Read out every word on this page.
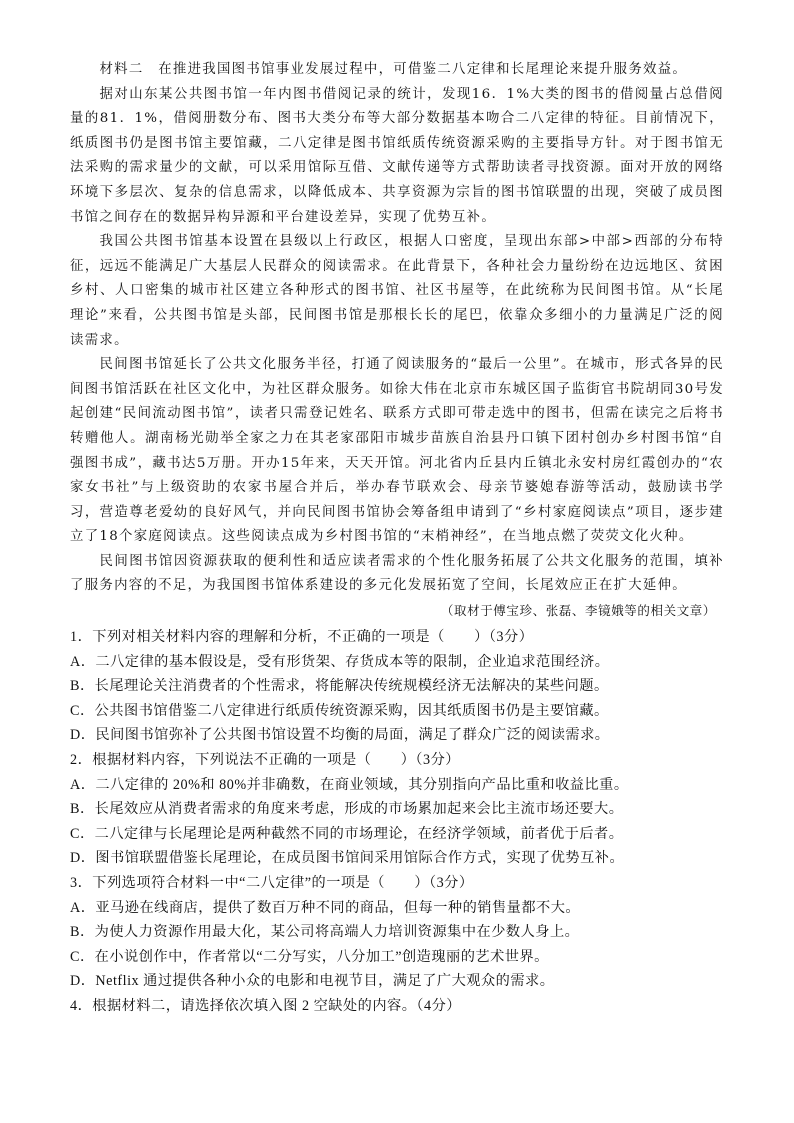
材料二　在推进我国图书馆事业发展过程中，可借鉴二八定律和长尾理论来提升服务效益。

据对山东某公共图书馆一年内图书借阅记录的统计，发现16．1%大类的图书的借阅量占总借阅量的81．1%，借阅册数分布、图书大类分布等大部分数据基本吻合二八定律的特征。目前情况下，纸质图书仍是图书馆主要馆藏，二八定律是图书馆纸质传统资源采购的主要指导方针。对于图书馆无法采购的需求量少的文献，可以采用馆际互借、文献传递等方式帮助读者寻找资源。面对开放的网络环境下多层次、复杂的信息需求，以降低成本、共享资源为宗旨的图书馆联盟的出现，突破了成员图书馆之间存在的数据异构异源和平台建设差异，实现了优势互补。

我国公共图书馆基本设置在县级以上行政区，根据人口密度，呈现出东部>中部>西部的分布特征，远远不能满足广大基层人民群众的阅读需求。在此背景下，各种社会力量纷纷在边远地区、贫困乡村、人口密集的城市社区建立各种形式的图书馆、社区书屋等，在此统称为民间图书馆。从“长尾理论”来看，公共图书馆是头部，民间图书馆是那根长长的尾巴，依靠众多细小的力量满足广泛的阅读需求。

民间图书馆延长了公共文化服务半径，打通了阅读服务的“最后一公里”。在城市，形式各异的民间图书馆活跃在社区文化中，为社区群众服务。如徐大伟在北京市东城区国子监街官书院胡同30号发起创建“民间流动图书馆”，读者只需登记姓名、联系方式即可带走选中的图书，但需在读完之后将书转赠他人。湖南杨光勋举全家之力在其老家邵阳市城步苗族自治县丹口镇下团村创办乡村图书馆“自强图书成”，藏书达5万册。开办15年来，天天开馆。河北省内丘县内丘镇北永安村房红霞创办的“农家女书社”与上级资助的农家书屋合并后，举办春节联欢会、母亲节婆媳春游等活动，鼓励读书学习，营造尊老爱幼的良好风气，并向民间图书馆协会筹备组申请到了“乡村家庭阅读点”项目，逐步建立了18个家庭阅读点。这些阅读点成为乡村图书馆的“末梢神经”，在当地点燃了荧荧文化火种。

民间图书馆因资源获取的便利性和适应读者需求的个性化服务拓展了公共文化服务的范围，填补了服务内容的不足，为我国图书馆体系建设的多元化发展拓宽了空间，长尾效应正在扩大延伸。

（取材于傅宝珍、张磊、李镜娥等的相关文章）

1．下列对相关材料内容的理解和分析，不正确的一项是（　　）（3分）

A．二八定律的基本假设是，受有形货架、存货成本等的限制，企业追求范围经济。

B．长尾理论关注消费者的个性需求，将能解决传统规模经济无法解决的某些问题。

C．公共图书馆借鉴二八定律进行纸质传统资源采购，因其纸质图书仍是主要馆藏。

D．民间图书馆弥补了公共图书馆设置不均衡的局面，满足了群众广泛的阅读需求。

2．根据材料内容，下列说法不正确的一项是（　　）（3分）

A．二八定律的 20%和 80%并非确数，在商业领域，其分别指向产品比重和收益比重。

B．长尾效应从消费者需求的角度来考虑，形成的市场累加起来会比主流市场还要大。

C．二八定律与长尾理论是两种截然不同的市场理论，在经济学领域，前者优于后者。

D．图书馆联盟借鉴长尾理论，在成员图书馆间采用馆际合作方式，实现了优势互补。

3．下列选项符合材料一中“二八定律”的一项是（　　）（3分）

A．亚马逊在线商店，提供了数百万种不同的商品，但每一种的销售量都不大。

B．为使人力资源作用最大化，某公司将高端人力培训资源集中在少数人身上。

C．在小说创作中，作者常以“二分写实，八分加工”创造瑰丽的艺术世界。

D．Netflix 通过提供各种小众的电影和电视节目，满足了广大观众的需求。

4．根据材料二，请选择依次填入图 2 空缺处的内容。（4分）
